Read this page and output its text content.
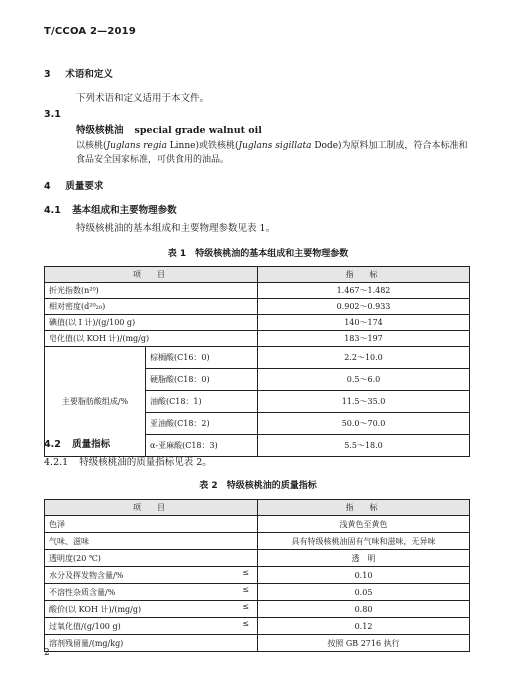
T/CCOA 2—2019
3 术语和定义
下列术语和定义适用于本文件。
3.1
特级核桃油 special grade walnut oil
以核桃(Juglans regia Linne)或铁核桃(Juglans sigillata Dode)为原料加工制成，符合本标准和
食品安全国家标准，可供食用的油品。
4 质量要求
4.1 基本组成和主要物理参数
特级核桃油的基本组成和主要物理参数见表 1。
表 1　特级核桃油的基本组成和主要物理参数
项　目		指　标
折光指数(n²⁰)		1.467～1.482
相对密度(d²⁰₂₀)		0.902～0.933
碘值(以 I 计)/(g/100 g)		140～174
皂化值(以 KOH 计)/(mg/g)		183～197
主要脂肪酸组成/%	棕榈酸(C16：0)	2.2～10.0
	硬脂酸(C18：0)	0.5～6.0
	油酸(C18：1)	11.5～35.0
	亚油酸(C18：2)	50.0～70.0
	α-亚麻酸(C18：3)	5.5～18.0
4.2 质量指标
4.2.1 特级核桃油的质量指标见表 2。
表 2　特级核桃油的质量指标
项　目	指　标
色泽	浅黄色至黄色
气味、滋味	具有特级核桃油固有气味和滋味，无异味
透明度(20 ℃)	透　明
水分及挥发物含量/% ≤	0.10
不溶性杂质含量/% ≤	0.05
酸价(以 KOH 计)/(mg/g) ≤	0.80
过氧化值/(g/100 g) ≤	0.12
溶剂残留量/(mg/kg)	按照 GB 2716 执行
2
